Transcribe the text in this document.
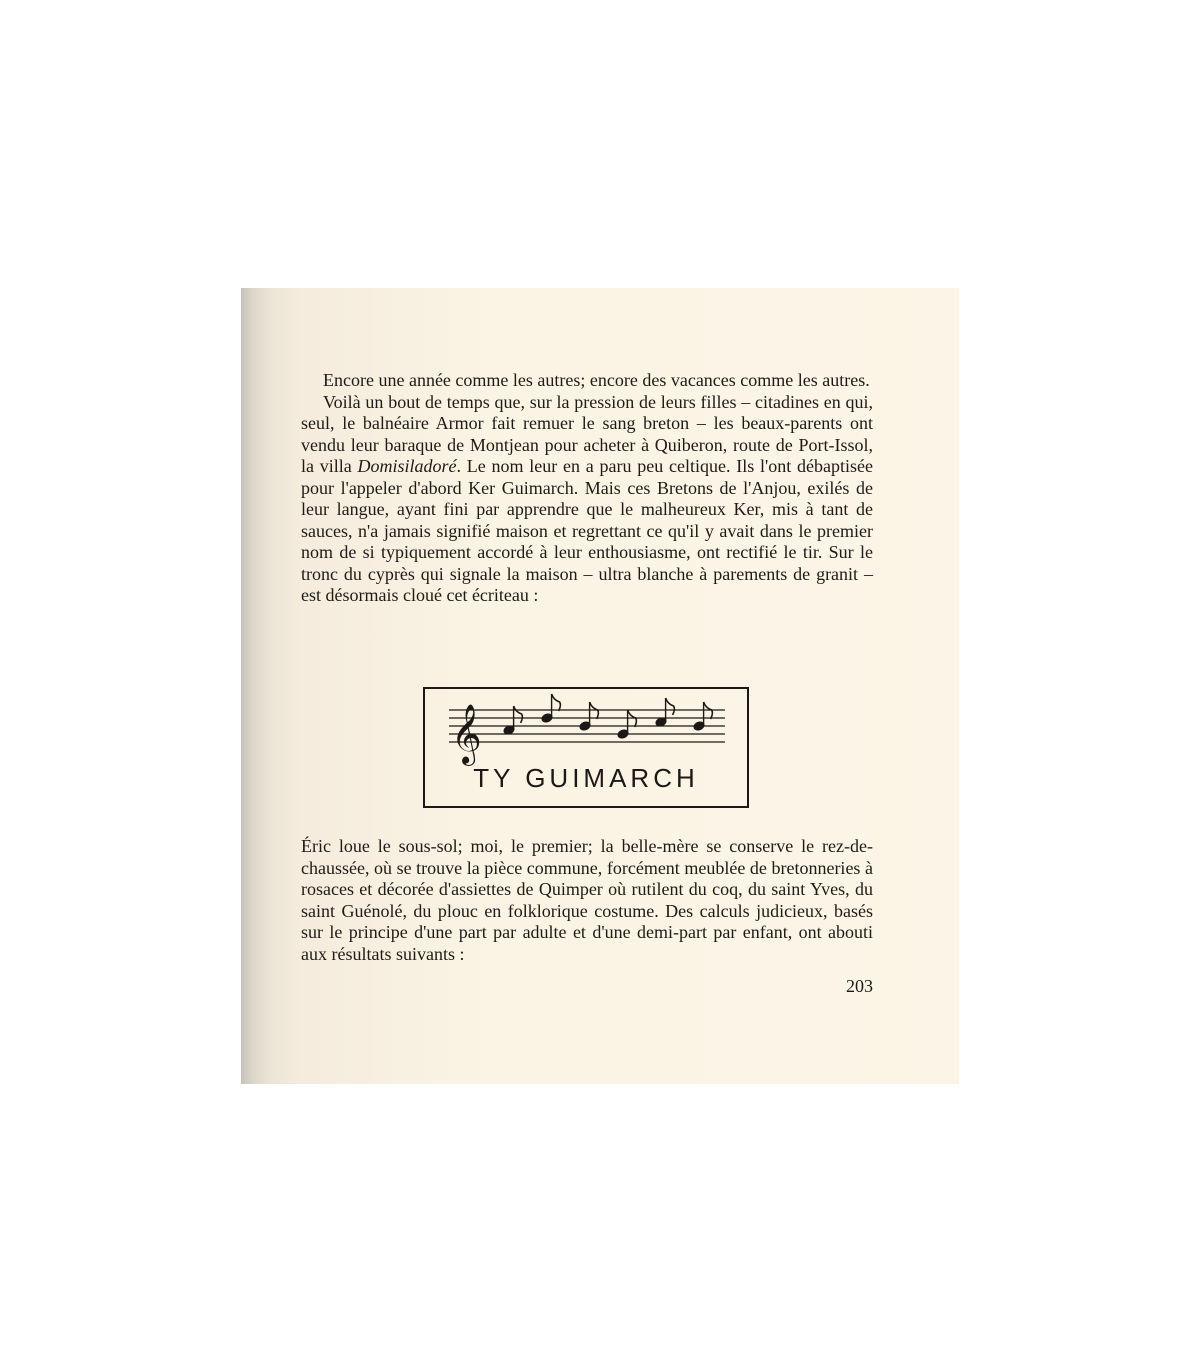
Encore une année comme les autres; encore des vacances comme les autres.

Voilà un bout de temps que, sur la pression de leurs filles – citadines en qui, seul, le balnéaire Armor fait remuer le sang breton – les beaux-parents ont vendu leur baraque de Montjean pour acheter à Quiberon, route de Port-Issol, la villa Domisiladoré. Le nom leur en a paru peu celtique. Ils l'ont débaptisée pour l'appeler d'abord Ker Guimarch. Mais ces Bretons de l'Anjou, exilés de leur langue, ayant fini par apprendre que le malheureux Ker, mis à tant de sauces, n'a jamais signifié maison et regrettant ce qu'il y avait dans le premier nom de si typiquement accordé à leur enthousiasme, ont rectifié le tir. Sur le tronc du cyprès qui signale la maison – ultra blanche à parements de granit – est désormais cloué cet écriteau :

𝄞
TY GUIMARCH

Éric loue le sous-sol; moi, le premier; la belle-mère se conserve le rez-de-chaussée, où se trouve la pièce commune, forcément meublée de bretonneries à rosaces et décorée d'assiettes de Quimper où rutilent du coq, du saint Yves, du saint Guénolé, du plouc en folklorique costume. Des calculs judicieux, basés sur le principe d'une part par adulte et d'une demi-part par enfant, ont abouti aux résultats suivants :

203
